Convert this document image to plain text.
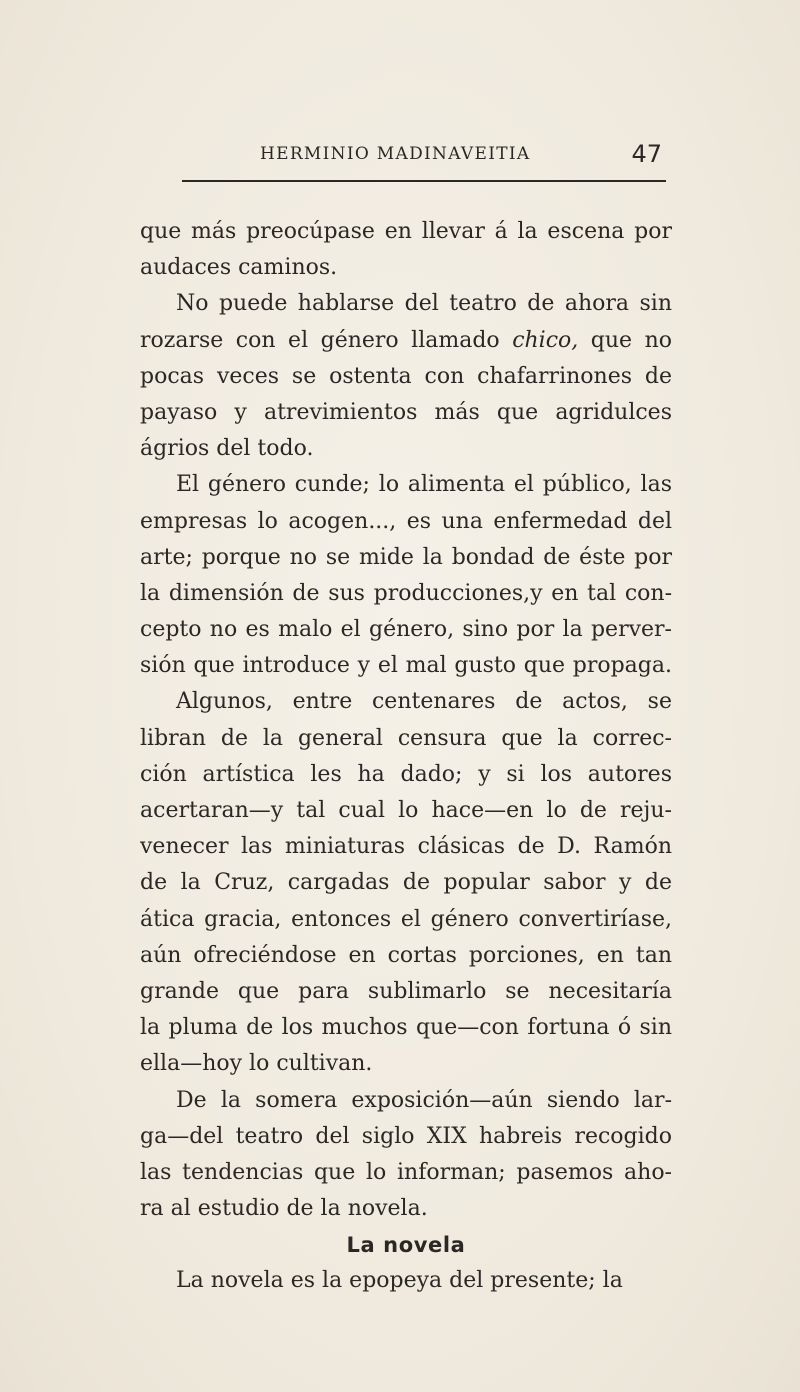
HERMINIO MADINAVEITIA	47
que más preocúpase en llevar á la escena por
audaces caminos.
No puede hablarse del teatro de ahora sin
rozarse con el género llamado chico, que no
pocas veces se ostenta con chafarrinones de
payaso y atrevimientos más que agridulces
ágrios del todo.
El género cunde; lo alimenta el público, las
empresas lo acogen..., es una enfermedad del
arte; porque no se mide la bondad de éste por
la dimensión de sus producciones,y en tal con-
cepto no es malo el género, sino por la perver-
sión que introduce y el mal gusto que propaga.
Algunos, entre centenares de actos, se
libran de la general censura que la correc-
ción artística les ha dado; y si los autores
acertaran—y tal cual lo hace—en lo de reju-
venecer las miniaturas clásicas de D. Ramón
de la Cruz, cargadas de popular sabor y de
ática gracia, entonces el género convertiríase,
aún ofreciéndose en cortas porciones, en tan
grande que para sublimarlo se necesitaría
la pluma de los muchos que—con fortuna ó sin
ella—hoy lo cultivan.
De la somera exposición—aún siendo lar-
ga—del teatro del siglo XIX habreis recogido
las tendencias que lo informan; pasemos aho-
ra al estudio de la novela.
La novela
La novela es la epopeya del presente; la
